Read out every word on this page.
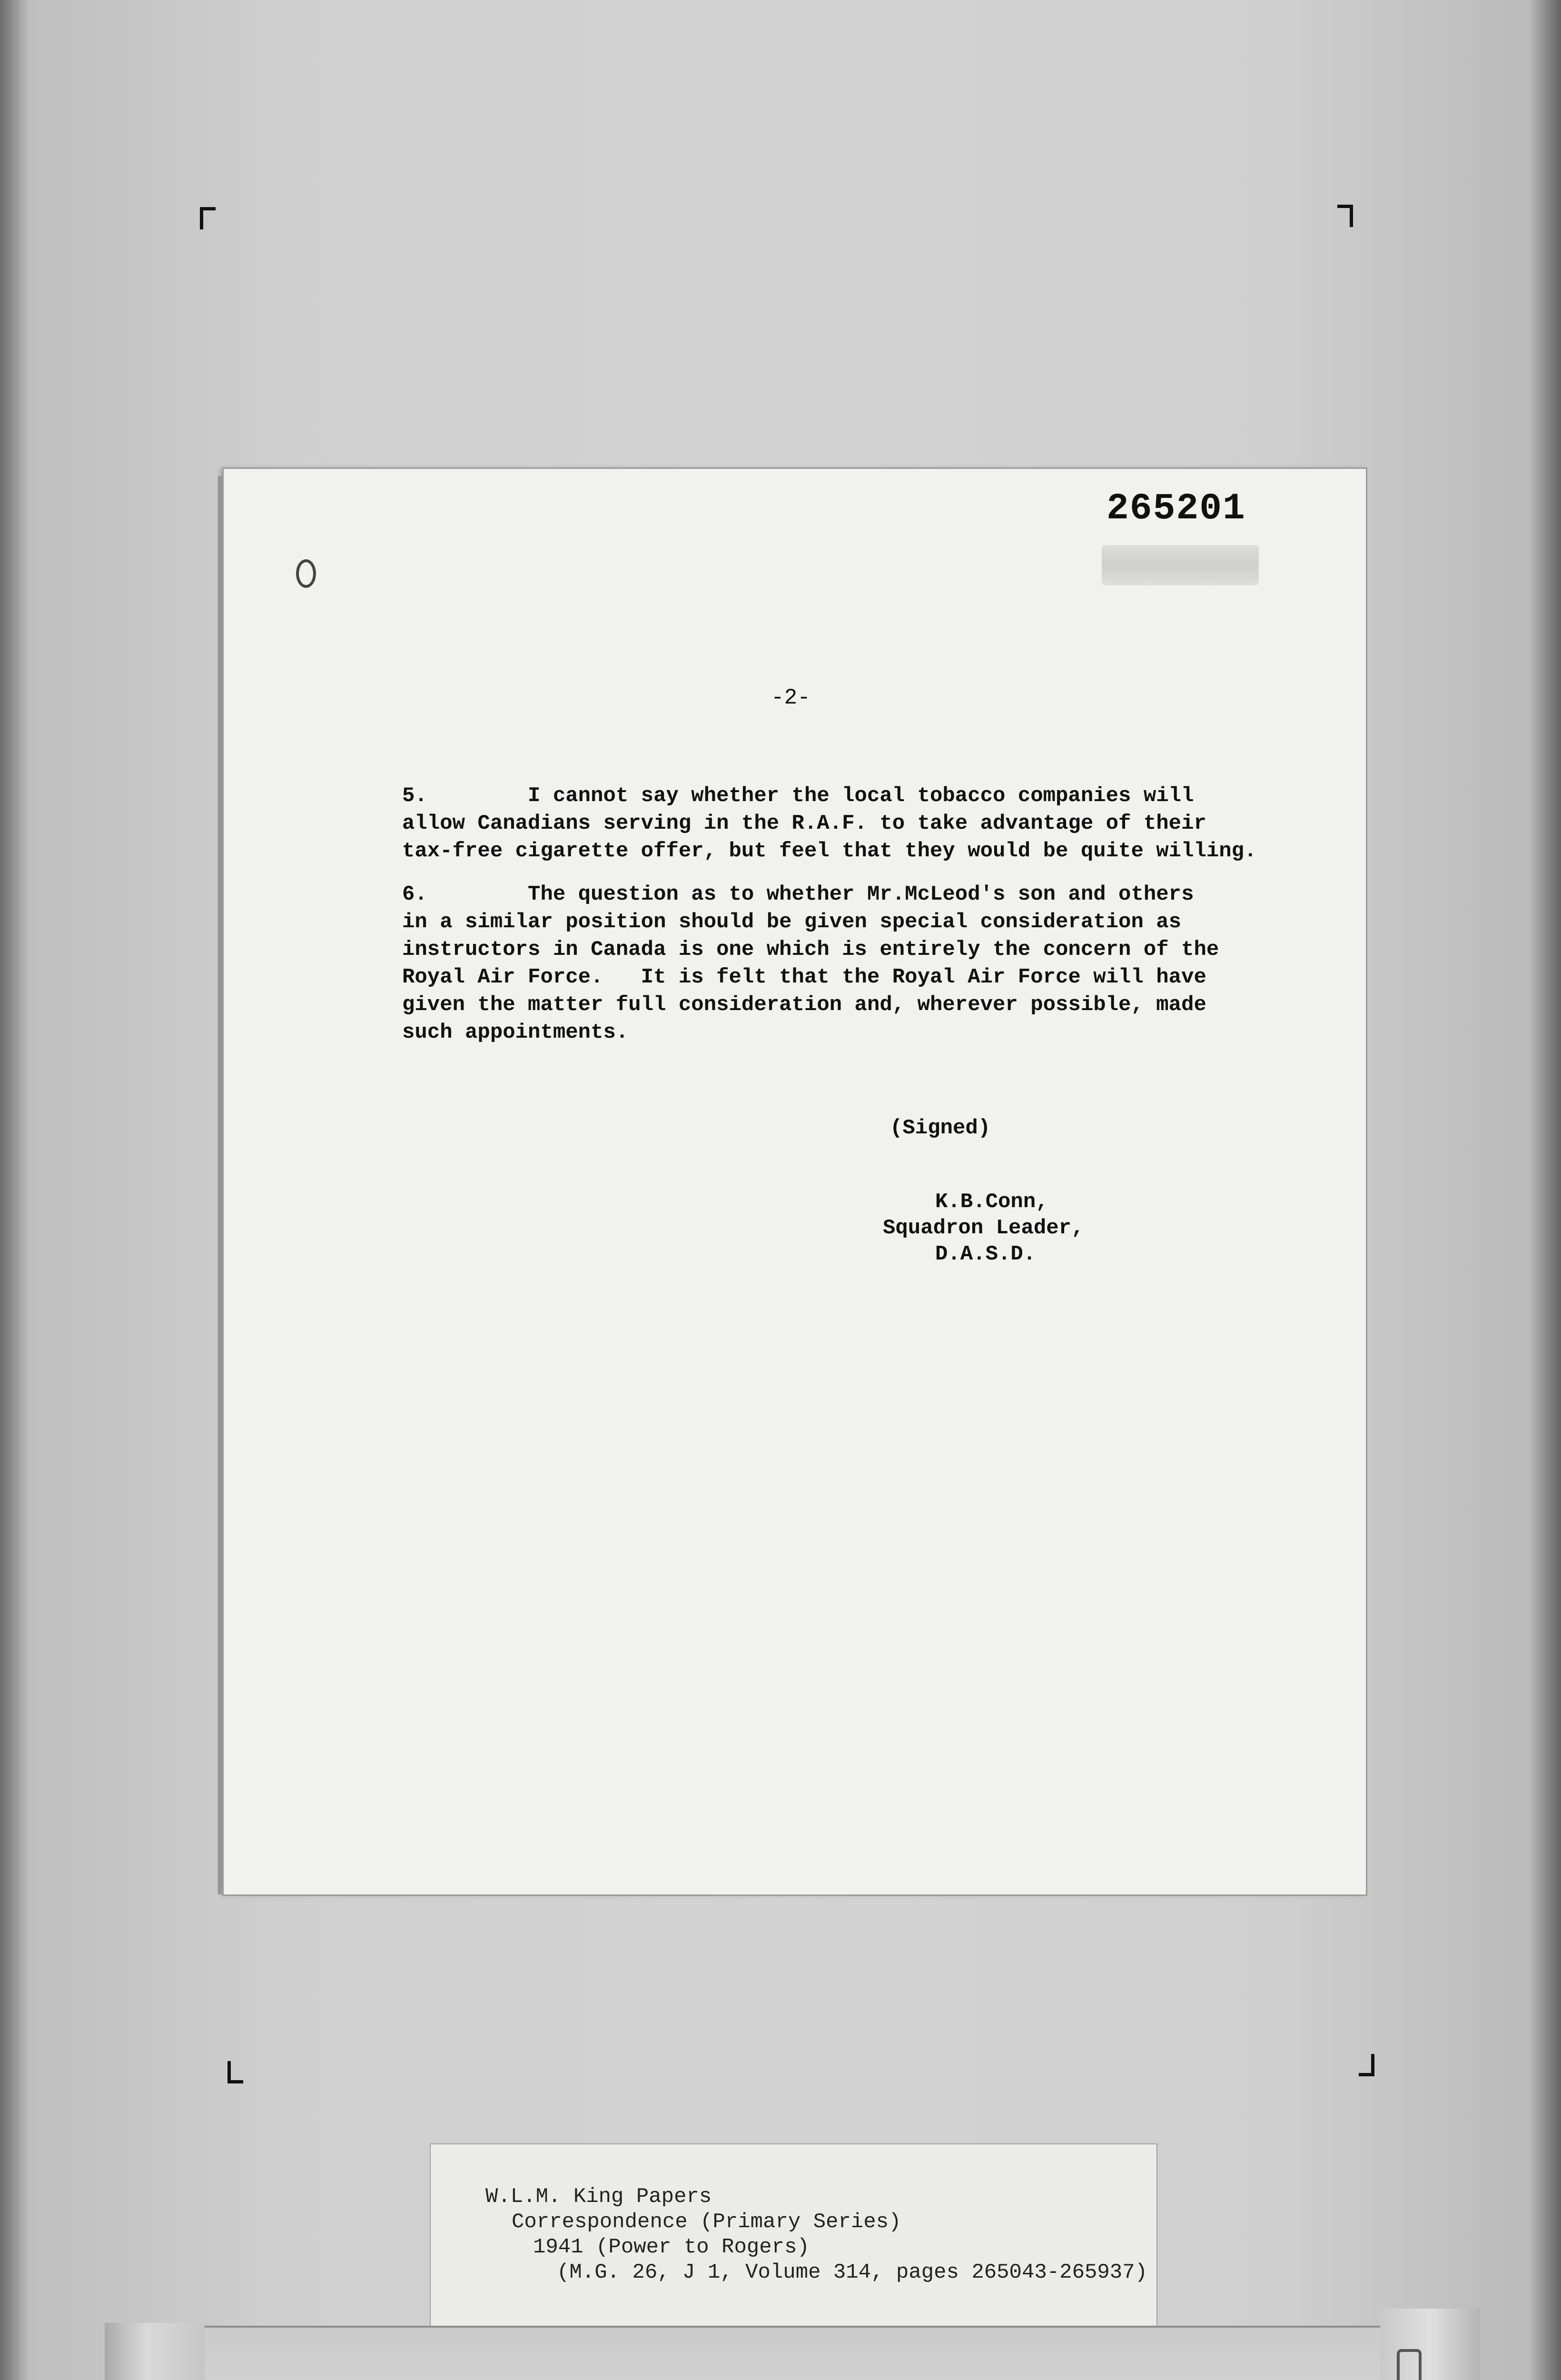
265201
-2-
5.        I cannot say whether the local tobacco companies will
allow Canadians serving in the R.A.F. to take advantage of their
tax-free cigarette offer, but feel that they would be quite willing.
6.        The question as to whether Mr.McLeod's son and others
in a similar position should be given special consideration as
instructors in Canada is one which is entirely the concern of the
Royal Air Force.   It is felt that the Royal Air Force will have
given the matter full consideration and, wherever possible, made
such appointments.
(Signed)
K.B.Conn,
Squadron Leader,
D.A.S.D.
W.L.M. King Papers
Correspondence (Primary Series)
1941 (Power to Rogers)
(M.G. 26, J 1, Volume 314, pages 265043-265937)
